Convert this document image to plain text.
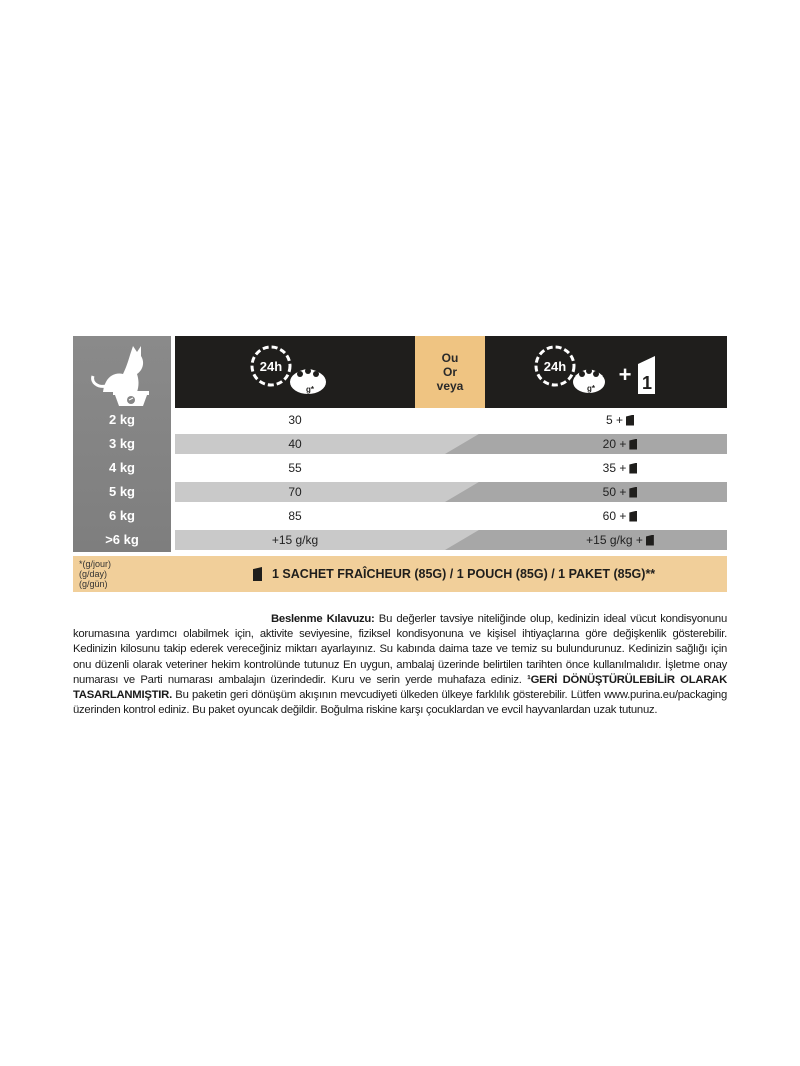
24h
g*
Ou
Or
veya
24h
g*
+ 1
2 kg	30	5 +
3 kg	40	20 +
4 kg	55	35 +
5 kg	70	50 +
6 kg	85	60 +
>6 kg	+15 g/kg	+15 g/kg +
*(g/jour)
(g/day)
(g/gün)
1 SACHET FRAÎCHEUR (85G) / 1 POUCH (85G) / 1 PAKET (85G)**

Beslenme Kılavuzu: Bu değerler tavsiye niteliğinde olup, kedinizin ideal vücut kondisyonunu korumasına yardımcı olabilmek için, aktivite seviyesine, fiziksel kondisyonuna ve kişisel ihtiyaçlarına göre değişkenlik gösterebilir. Kedinizin kilosunu takip ederek vereceğiniz miktarı ayarlayınız. Su kabında daima taze ve temiz su bulundurunuz. Kedinizin sağlığı için onu düzenli olarak veteriner hekim kontrolünde tutunuz En uygun, ambalaj üzerinde belirtilen tarihten önce kullanılmalıdır. İşletme onay numarası ve Parti numarası ambalajın üzerindedir. Kuru ve serin yerde muhafaza ediniz. ¹GERİ DÖNÜŞTÜRÜLEBİLİR OLARAK TASARLANMIŞTIR. Bu paketin geri dönüşüm akışının mevcudiyeti ülkeden ülkeye farklılık gösterebilir. Lütfen www.purina.eu/packaging üzerinden kontrol ediniz. Bu paket oyuncak değildir. Boğulma riskine karşı çocuklardan ve evcil hayvanlardan uzak tutunuz.
